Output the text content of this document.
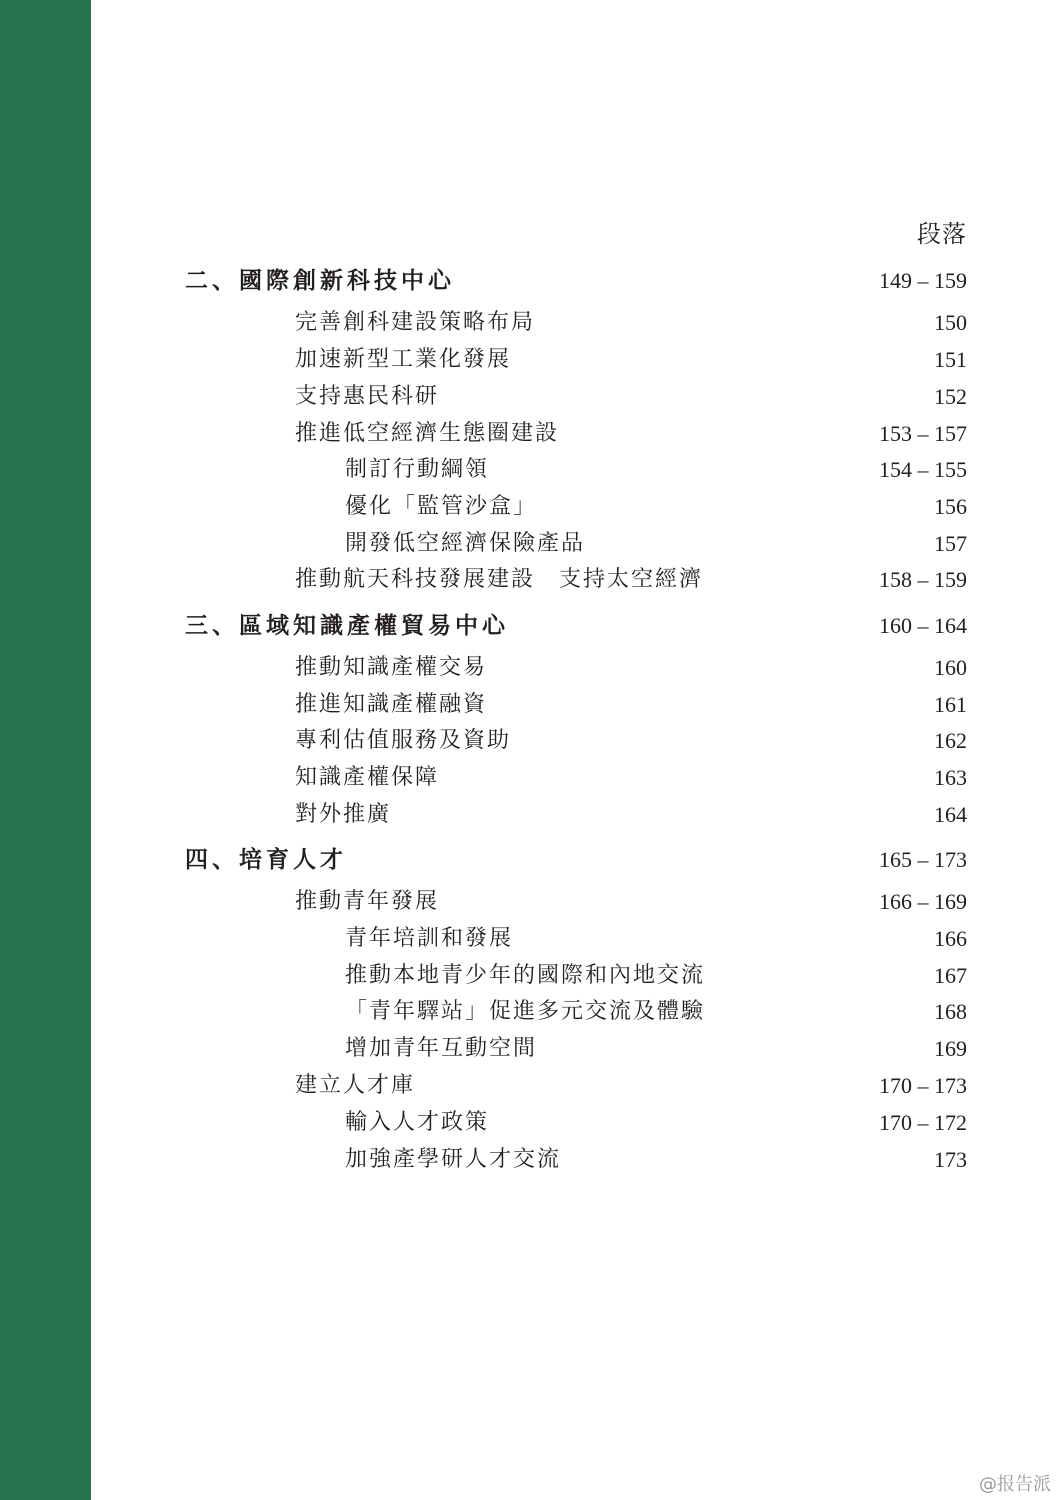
段落
二、國際創新科技中心	149 – 159
完善創科建設策略布局	150
加速新型工業化發展	151
支持惠民科研	152
推進低空經濟生態圈建設	153 – 157
制訂行動綱領	154 – 155
優化「監管沙盒」	156
開發低空經濟保險產品	157
推動航天科技發展建設　支持太空經濟	158 – 159
三、區域知識產權貿易中心	160 – 164
推動知識產權交易	160
推進知識產權融資	161
專利估值服務及資助	162
知識產權保障	163
對外推廣	164
四、培育人才	165 – 173
推動青年發展	166 – 169
青年培訓和發展	166
推動本地青少年的國際和內地交流	167
「青年驛站」促進多元交流及體驗	168
增加青年互動空間	169
建立人才庫	170 – 173
輸入人才政策	170 – 172
加強產學研人才交流	173
@报告派
